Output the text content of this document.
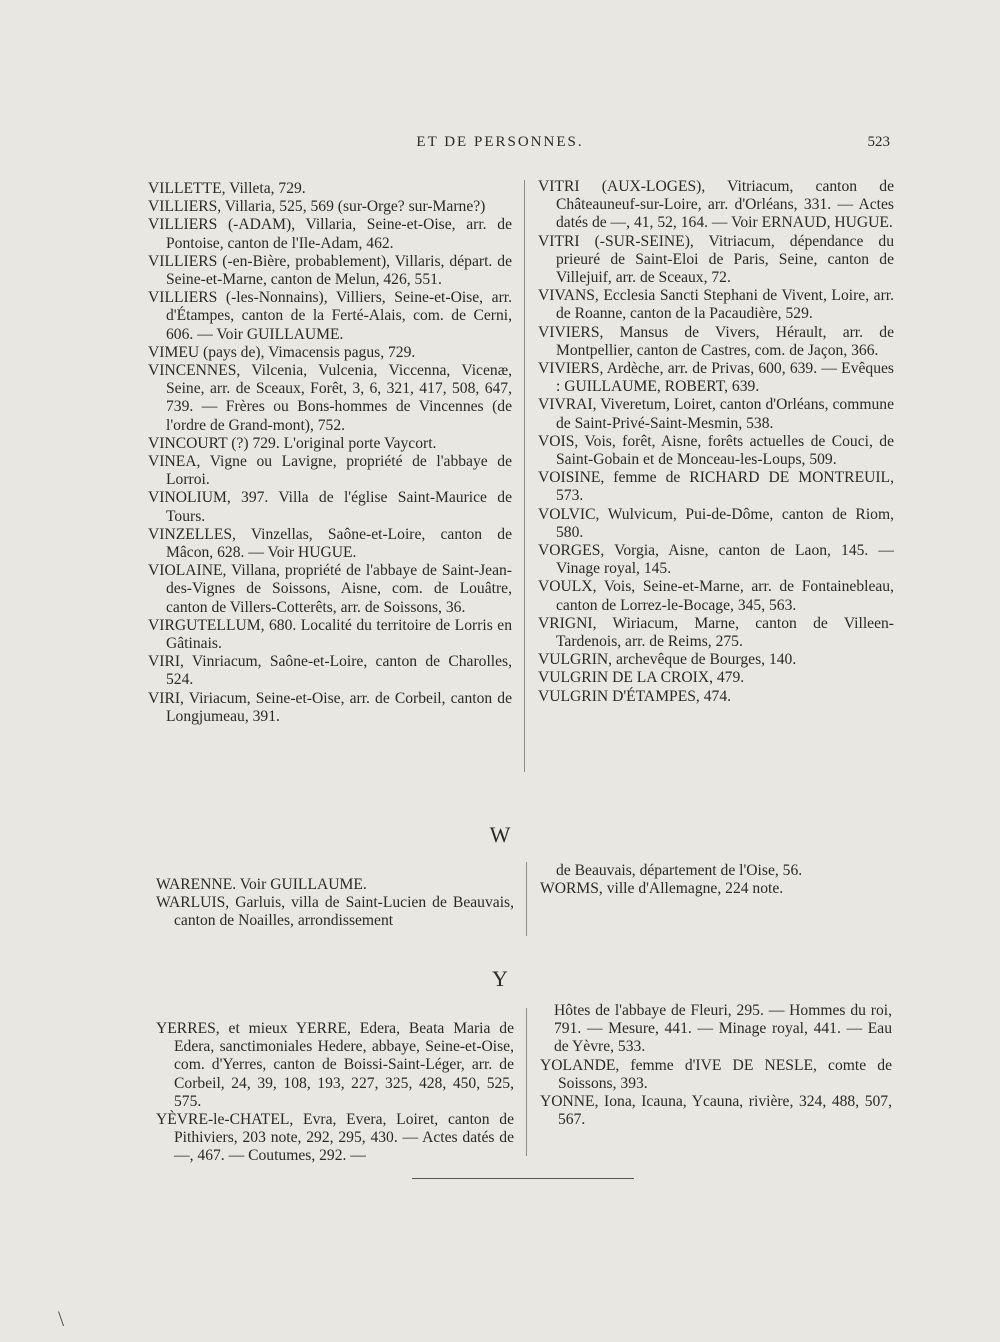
ET DE PERSONNES.	523

VILLETTE, Villeta, 729.

VILLIERS, Villaria, 525, 569 (sur-Orge? sur-Marne?)

VILLIERS (-ADAM), Villaria, Seine-et-Oise, arr. de Pontoise, canton de l'Ile-Adam, 462.

VILLIERS (-en-Bière, probablement), Villaris, départ. de Seine-et-Marne, canton de Melun, 426, 551.

VILLIERS (-les-Nonnains), Villiers, Seine-et-Oise, arr. d'Étampes, canton de la Ferté-Alais, com. de Cerni, 606. — Voir GUILLAUME.

VIMEU (pays de), Vimacensis pagus, 729.

VINCENNES, Vilcenia, Vulcenia, Viccenna, Vicenæ, Seine, arr. de Sceaux, Forêt, 3, 6, 321, 417, 508, 647, 739. — Frères ou Bons-hommes de Vincennes (de l'ordre de Grand-mont), 752.

VINCOURT (?) 729. L'original porte Vaycort.

VINEA, Vigne ou Lavigne, propriété de l'abbaye de Lorroi.

VINOLIUM, 397. Villa de l'église Saint-Maurice de Tours.

VINZELLES, Vinzellas, Saône-et-Loire, canton de Mâcon, 628. — Voir HUGUE.

VIOLAINE, Villana, propriété de l'abbaye de Saint-Jean-des-Vignes de Soissons, Aisne, com. de Louâtre, canton de Villers-Cotterêts, arr. de Soissons, 36.

VIRGUTELLUM, 680. Localité du territoire de Lorris en Gâtinais.

VIRI, Vinriacum, Saône-et-Loire, canton de Charolles, 524.

VIRI, Viriacum, Seine-et-Oise, arr. de Corbeil, canton de Longjumeau, 391.

VITRI (AUX-LOGES), Vitriacum, canton de Châteauneuf-sur-Loire, arr. d'Orléans, 331. — Actes datés de —, 41, 52, 164. — Voir ERNAUD, HUGUE.

VITRI (-SUR-SEINE), Vitriacum, dépendance du prieuré de Saint-Eloi de Paris, Seine, canton de Villejuif, arr. de Sceaux, 72.

VIVANS, Ecclesia Sancti Stephani de Vivent, Loire, arr. de Roanne, canton de la Pacaudière, 529.

VIVIERS, Mansus de Vivers, Hérault, arr. de Montpellier, canton de Castres, com. de Jaçon, 366.

VIVIERS, Ardèche, arr. de Privas, 600, 639. — Evêques : GUILLAUME, ROBERT, 639.

VIVRAI, Viveretum, Loiret, canton d'Orléans, commune de Saint-Privé-Saint-Mesmin, 538.

VOIS, Vois, forêt, Aisne, forêts actuelles de Couci, de Saint-Gobain et de Monceau-les-Loups, 509.

VOISINE, femme de RICHARD DE MONTREUIL, 573.

VOLVIC, Wulvicum, Pui-de-Dôme, canton de Riom, 580.

VORGES, Vorgia, Aisne, canton de Laon, 145. — Vinage royal, 145.

VOULX, Vois, Seine-et-Marne, arr. de Fontainebleau, canton de Lorrez-le-Bocage, 345, 563.

VRIGNI, Wiriacum, Marne, canton de Villeen-Tardenois, arr. de Reims, 275.

VULGRIN, archevêque de Bourges, 140.

VULGRIN DE LA CROIX, 479.

VULGRIN D'ÉTAMPES, 474.

W

WARENNE. Voir GUILLAUME.

WARLUIS, Garluis, villa de Saint-Lucien de Beauvais, canton de Noailles, arrondissement

de Beauvais, département de l'Oise, 56.

WORMS, ville d'Allemagne, 224 note.

Y

YERRES, et mieux YERRE, Edera, Beata Maria de Edera, sanctimoniales Hedere, abbaye, Seine-et-Oise, com. d'Yerres, canton de Boissi-Saint-Léger, arr. de Corbeil, 24, 39, 108, 193, 227, 325, 428, 450, 525, 575.

YÈVRE-le-CHATEL, Evra, Evera, Loiret, canton de Pithiviers, 203 note, 292, 295, 430. — Actes datés de —, 467. — Coutumes, 292. —

Hôtes de l'abbaye de Fleuri, 295. — Hommes du roi, 791. — Mesure, 441. — Minage royal, 441. — Eau de Yèvre, 533.

YOLANDE, femme d'IVE DE NESLE, comte de Soissons, 393.

YONNE, Iona, Icauna, Ycauna, rivière, 324, 488, 507, 567.

\
